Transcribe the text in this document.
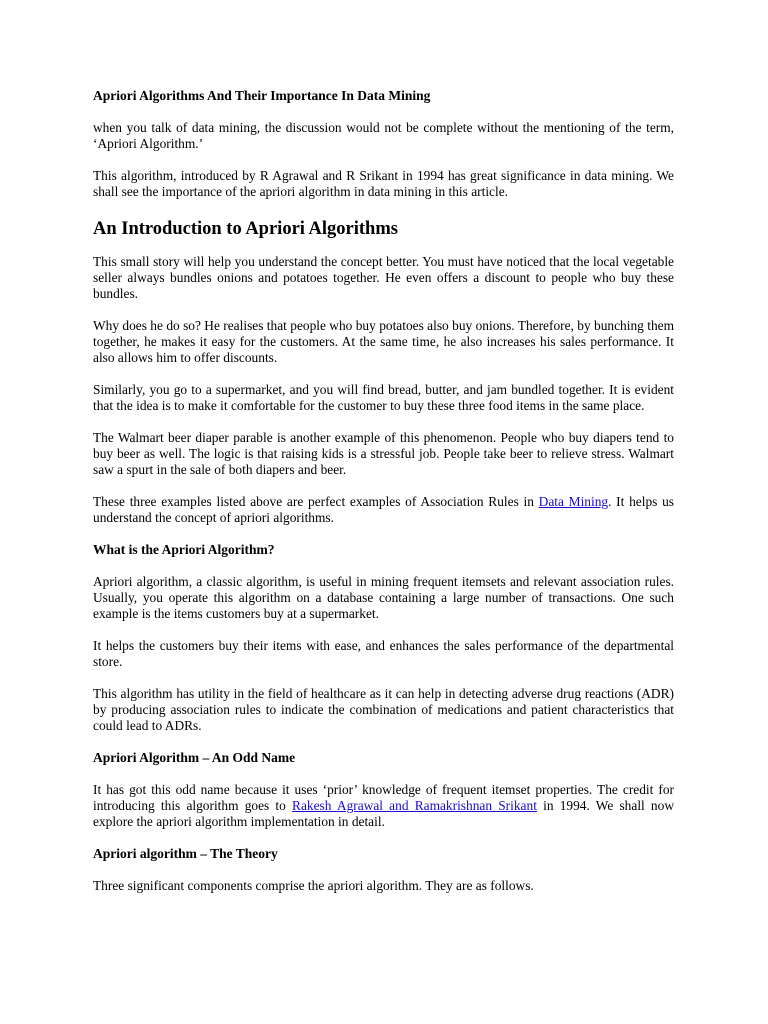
Apriori Algorithms And Their Importance In Data Mining

when you talk of data mining, the discussion would not be complete without the mentioning of the term, ‘Apriori Algorithm.’

This algorithm, introduced by R Agrawal and R Srikant in 1994 has great significance in data mining. We shall see the importance of the apriori algorithm in data mining in this article.

An Introduction to Apriori Algorithms

This small story will help you understand the concept better. You must have noticed that the local vegetable seller always bundles onions and potatoes together. He even offers a discount to people who buy these bundles.

Why does he do so? He realises that people who buy potatoes also buy onions. Therefore, by bunching them together, he makes it easy for the customers. At the same time, he also increases his sales performance. It also allows him to offer discounts.

Similarly, you go to a supermarket, and you will find bread, butter, and jam bundled together. It is evident that the idea is to make it comfortable for the customer to buy these three food items in the same place.

The Walmart beer diaper parable is another example of this phenomenon. People who buy diapers tend to buy beer as well. The logic is that raising kids is a stressful job. People take beer to relieve stress. Walmart saw a spurt in the sale of both diapers and beer.

These three examples listed above are perfect examples of Association Rules in Data Mining. It helps us understand the concept of apriori algorithms.

What is the Apriori Algorithm?

Apriori algorithm, a classic algorithm, is useful in mining frequent itemsets and relevant association rules. Usually, you operate this algorithm on a database containing a large number of transactions. One such example is the items customers buy at a supermarket.

It helps the customers buy their items with ease, and enhances the sales performance of the departmental store.

This algorithm has utility in the field of healthcare as it can help in detecting adverse drug reactions (ADR) by producing association rules to indicate the combination of medications and patient characteristics that could lead to ADRs.

Apriori Algorithm – An Odd Name

It has got this odd name because it uses ‘prior’ knowledge of frequent itemset properties. The credit for introducing this algorithm goes to Rakesh Agrawal and Ramakrishnan Srikant in 1994. We shall now explore the apriori algorithm implementation in detail.

Apriori algorithm – The Theory

Three significant components comprise the apriori algorithm. They are as follows.
